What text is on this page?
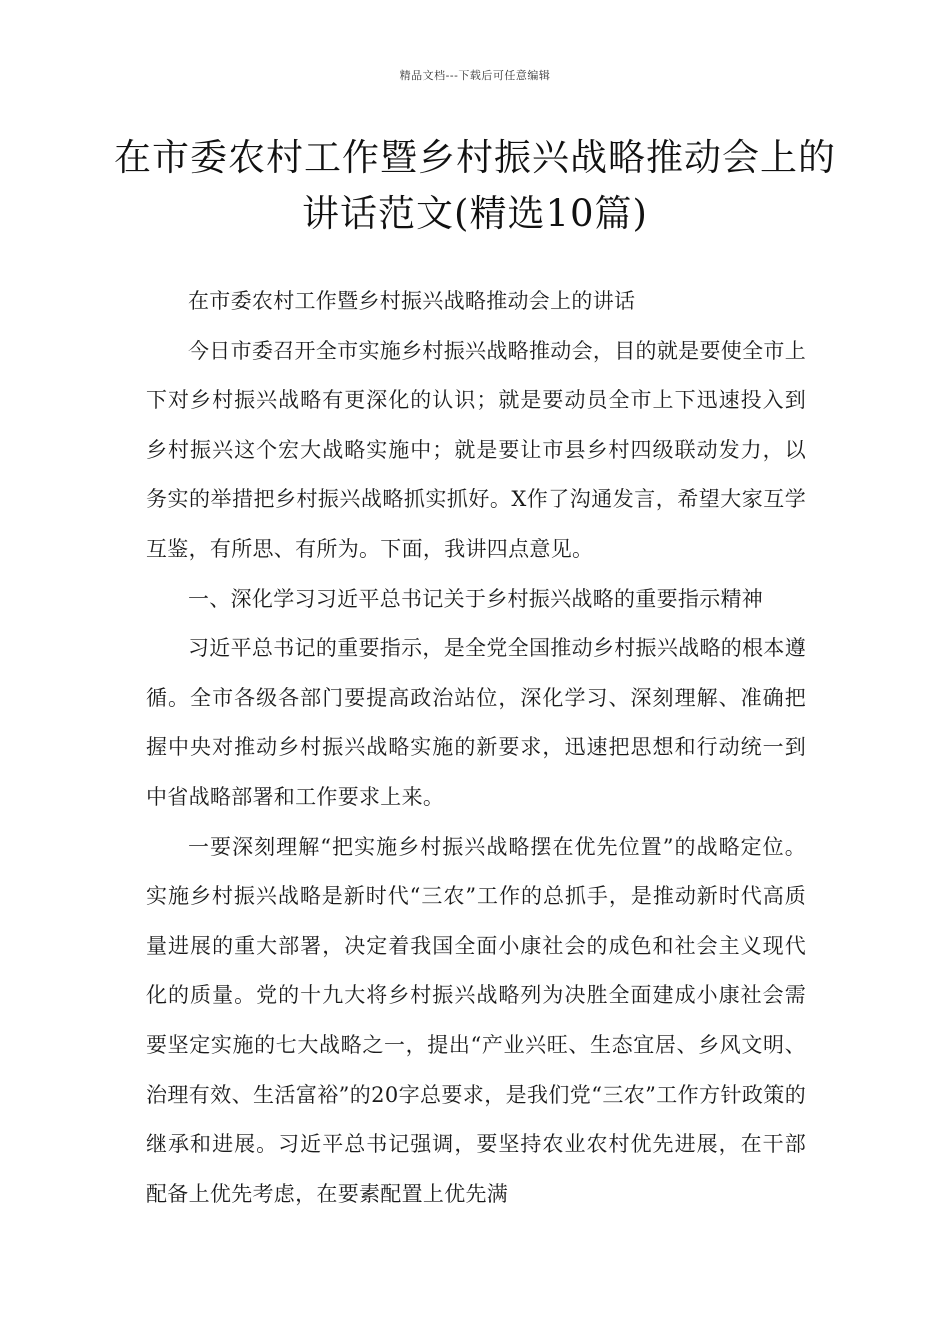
精品文档---下载后可任意编辑
在市委农村工作暨乡村振兴战略推动会上的讲话范文(精选10篇)

在市委农村工作暨乡村振兴战略推动会上的讲话

今日市委召开全市实施乡村振兴战略推动会，目的就是要使全市上下对乡村振兴战略有更深化的认识；就是要动员全市上下迅速投入到乡村振兴这个宏大战略实施中；就是要让市县乡村四级联动发力，以务实的举措把乡村振兴战略抓实抓好。X作了沟通发言，希望大家互学互鉴，有所思、有所为。下面，我讲四点意见。

一、深化学习习近平总书记关于乡村振兴战略的重要指示精神

习近平总书记的重要指示，是全党全国推动乡村振兴战略的根本遵循。全市各级各部门要提高政治站位，深化学习、深刻理解、准确把握中央对推动乡村振兴战略实施的新要求，迅速把思想和行动统一到中省战略部署和工作要求上来。

一要深刻理解“把实施乡村振兴战略摆在优先位置”的战略定位。实施乡村振兴战略是新时代“三农”工作的总抓手，是推动新时代高质量进展的重大部署，决定着我国全面小康社会的成色和社会主义现代化的质量。党的十九大将乡村振兴战略列为决胜全面建成小康社会需要坚定实施的七大战略之一，提出“产业兴旺、生态宜居、乡风文明、治理有效、生活富裕”的20字总要求，是我们党“三农”工作方针政策的继承和进展。习近平总书记强调，要坚持农业农村优先进展，在干部配备上优先考虑，在要素配置上优先满
